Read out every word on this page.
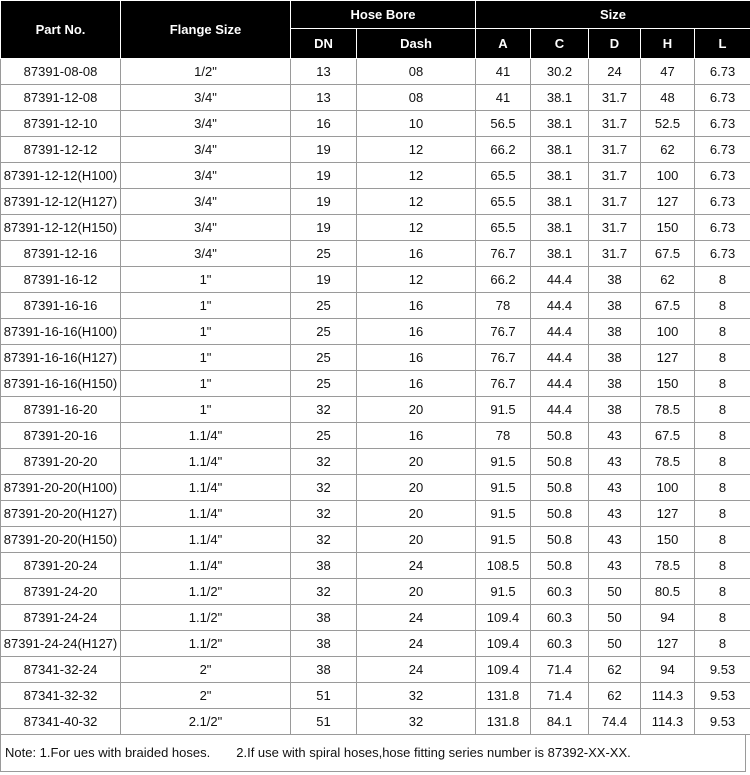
Part No.	Flange Size	Hose Bore		Size				
		DN	Dash	A	C	D	H	L
87391-08-08	1/2"	13	08	41	30.2	24	47	6.73
87391-12-08	3/4"	13	08	41	38.1	31.7	48	6.73
87391-12-10	3/4"	16	10	56.5	38.1	31.7	52.5	6.73
87391-12-12	3/4"	19	12	66.2	38.1	31.7	62	6.73
87391-12-12(H100)	3/4"	19	12	65.5	38.1	31.7	100	6.73
87391-12-12(H127)	3/4"	19	12	65.5	38.1	31.7	127	6.73
87391-12-12(H150)	3/4"	19	12	65.5	38.1	31.7	150	6.73
87391-12-16	3/4"	25	16	76.7	38.1	31.7	67.5	6.73
87391-16-12	1"	19	12	66.2	44.4	38	62	8
87391-16-16	1"	25	16	78	44.4	38	67.5	8
87391-16-16(H100)	1"	25	16	76.7	44.4	38	100	8
87391-16-16(H127)	1"	25	16	76.7	44.4	38	127	8
87391-16-16(H150)	1"	25	16	76.7	44.4	38	150	8
87391-16-20	1"	32	20	91.5	44.4	38	78.5	8
87391-20-16	1.1/4"	25	16	78	50.8	43	67.5	8
87391-20-20	1.1/4"	32	20	91.5	50.8	43	78.5	8
87391-20-20(H100)	1.1/4"	32	20	91.5	50.8	43	100	8
87391-20-20(H127)	1.1/4"	32	20	91.5	50.8	43	127	8
87391-20-20(H150)	1.1/4"	32	20	91.5	50.8	43	150	8
87391-20-24	1.1/4"	38	24	108.5	50.8	43	78.5	8
87391-24-20	1.1/2"	32	20	91.5	60.3	50	80.5	8
87391-24-24	1.1/2"	38	24	109.4	60.3	50	94	8
87391-24-24(H127)	1.1/2"	38	24	109.4	60.3	50	127	8
87341-32-24	2"	38	24	109.4	71.4	62	94	9.53
87341-32-32	2"	51	32	131.8	71.4	62	114.3	9.53
87341-40-32	2.1/2"	51	32	131.8	84.1	74.4	114.3	9.53
Note: 1.For ues with braided hoses. 2.If use with spiral hoses,hose fitting series number is 87392-XX-XX.
